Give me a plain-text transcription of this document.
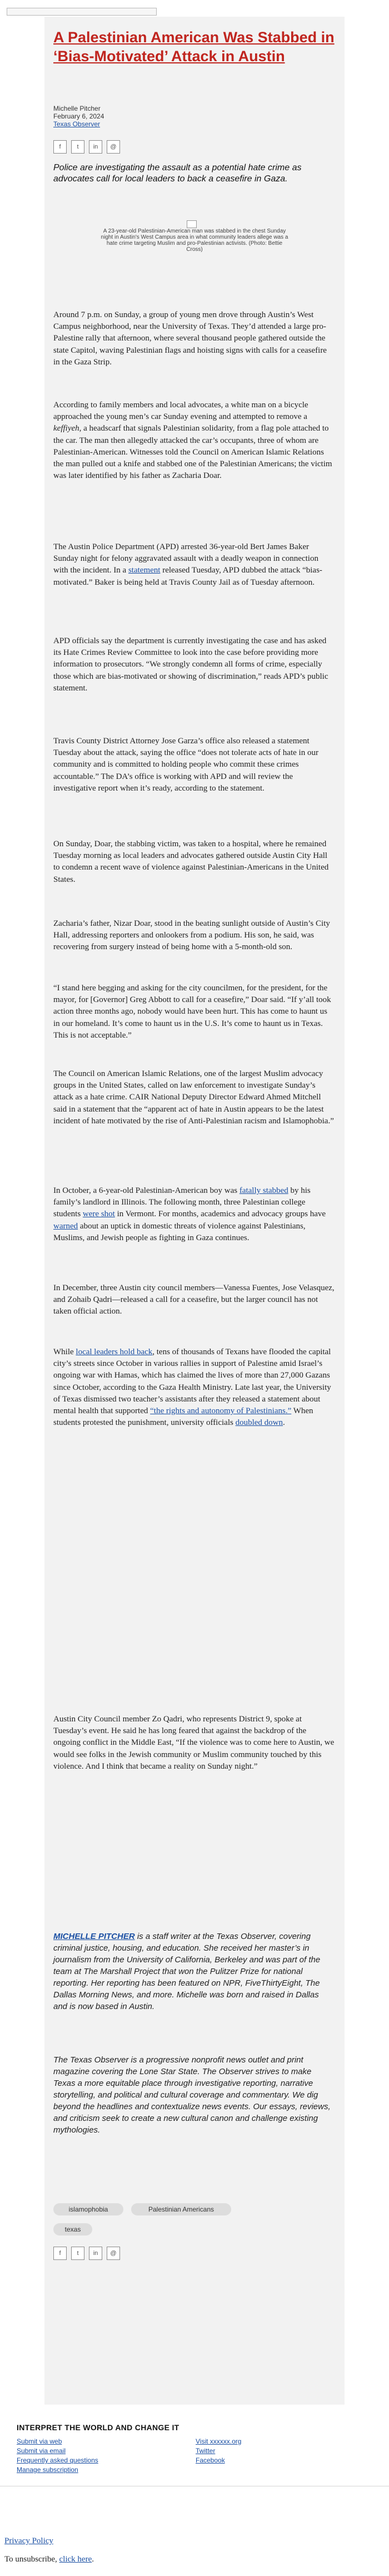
A Palestinian American Was Stabbed in ‘Bias-Motivated’ Attack in Austin
Michelle Pitcher
February 6, 2024
Texas Observer
f	t	in	@

Police are investigating the assault as a potential hate crime as advocates call for local leaders to back a ceasefire in Gaza.

A 23-year-old Palestinian-American man was stabbed in the chest Sunday night in Austin's West Campus area in what community leaders allege was a hate crime targeting Muslim and pro-Palestinian activists. (Photo: Bettie Cross)

Around 7 p.m. on Sunday, a group of young men drove through Austin’s West Campus neighborhood, near the University of Texas. They’d attended a large pro-Palestine rally that afternoon, where several thousand people gathered outside the state Capitol, waving Palestinian flags and hoisting signs with calls for a ceasefire in the Gaza Strip.

According to family members and local advocates, a white man on a bicycle approached the young men’s car Sunday evening and attempted to remove a keffiyeh, a headscarf that signals Palestinian solidarity, from a flag pole attached to the car. The man then allegedly attacked the car’s occupants, three of whom are Palestinian-American. Witnesses told the Council on American Islamic Relations the man pulled out a knife and stabbed one of the Palestinian Americans; the victim was later identified by his father as Zacharia Doar.

The Austin Police Department (APD) arrested 36-year-old Bert James Baker Sunday night for felony aggravated assault with a deadly weapon in connection with the incident. In a statement released Tuesday, APD dubbed the attack “bias-motivated.” Baker is being held at Travis County Jail as of Tuesday afternoon.

APD officials say the department is currently investigating the case and has asked its Hate Crimes Review Committee to look into the case before providing more information to prosecutors. “We strongly condemn all forms of crime, especially those which are bias-motivated or showing of discrimination,” reads APD’s public statement.

Travis County District Attorney Jose Garza’s office also released a statement Tuesday about the attack, saying the office “does not tolerate acts of hate in our community and is committed to holding people who commit these crimes accountable.” The DA’s office is working with APD and will review the investigative report when it’s ready, according to the statement.

On Sunday, Doar, the stabbing victim, was taken to a hospital, where he remained Tuesday morning as local leaders and advocates gathered outside Austin City Hall to condemn a recent wave of violence against Palestinian-Americans in the United States.

Zacharia’s father, Nizar Doar, stood in the beating sunlight outside of Austin’s City Hall, addressing reporters and onlookers from a podium. His son, he said, was recovering from surgery instead of being home with a 5-month-old son.

“I stand here begging and asking for the city councilmen, for the president, for the mayor, for [Governor] Greg Abbott to call for a ceasefire,” Doar said. “If y’all took action three months ago, nobody would have been hurt. This has come to haunt us in our homeland. It’s come to haunt us in the U.S. It’s come to haunt us in Texas. This is not acceptable.”

The Council on American Islamic Relations, one of the largest Muslim advocacy groups in the United States, called on law enforcement to investigate Sunday’s attack as a hate crime. CAIR National Deputy Director Edward Ahmed Mitchell said in a statement that the “apparent act of hate in Austin appears to be the latest incident of hate motivated by the rise of Anti-Palestinian racism and Islamophobia.”

In October, a 6-year-old Palestinian-American boy was fatally stabbed by his family’s landlord in Illinois. The following month, three Palestinian college students were shot in Vermont. For months, academics and advocacy groups have warned about an uptick in domestic threats of violence against Palestinians, Muslims, and Jewish people as fighting in Gaza continues.

In December, three Austin city council members—Vanessa Fuentes, Jose Velasquez, and Zohaib Qadri—released a call for a ceasefire, but the larger council has not taken official action.

While local leaders hold back, tens of thousands of Texans have flooded the capital city’s streets since October in various rallies in support of Palestine amid Israel’s ongoing war with Hamas, which has claimed the lives of more than 27,000 Gazans since October, according to the Gaza Health Ministry. Late last year, the University of Texas dismissed two teacher’s assistants after they released a statement about mental health that supported “the rights and autonomy of Palestinians.” When students protested the punishment, university officials doubled down.

Austin City Council member Zo Qadri, who represents District 9, spoke at Tuesday’s event. He said he has long feared that against the backdrop of the ongoing conflict in the Middle East, “If the violence was to come here to Austin, we would see folks in the Jewish community or Muslim community touched by this violence. And I think that became a reality on Sunday night.”

MICHELLE PITCHER is a staff writer at the Texas Observer, covering criminal justice, housing, and education. She received her master’s in journalism from the University of California, Berkeley and was part of the team at The Marshall Project that won the Pulitzer Prize for national reporting. Her reporting has been featured on NPR, FiveThirtyEight, The Dallas Morning News, and more. Michelle was born and raised in Dallas and is now based in Austin.

The Texas Observer is a progressive nonprofit news outlet and print magazine covering the Lone Star State. The Observer strives to make Texas a more equitable place through investigative reporting, narrative storytelling, and political and cultural coverage and commentary. We dig beyond the headlines and contextualize news events. Our essays, reviews, and criticism seek to create a new cultural canon and challenge existing mythologies.

islamophobia	Palestinian Americans
texas
f	t	in	@
INTERPRET THE WORLD AND CHANGE IT
Submit via web
Submit via email
Frequently asked questions
Manage subscription
Visit xxxxxx.org
Twitter
Facebook
Privacy Policy
To unsubscribe, click here.
